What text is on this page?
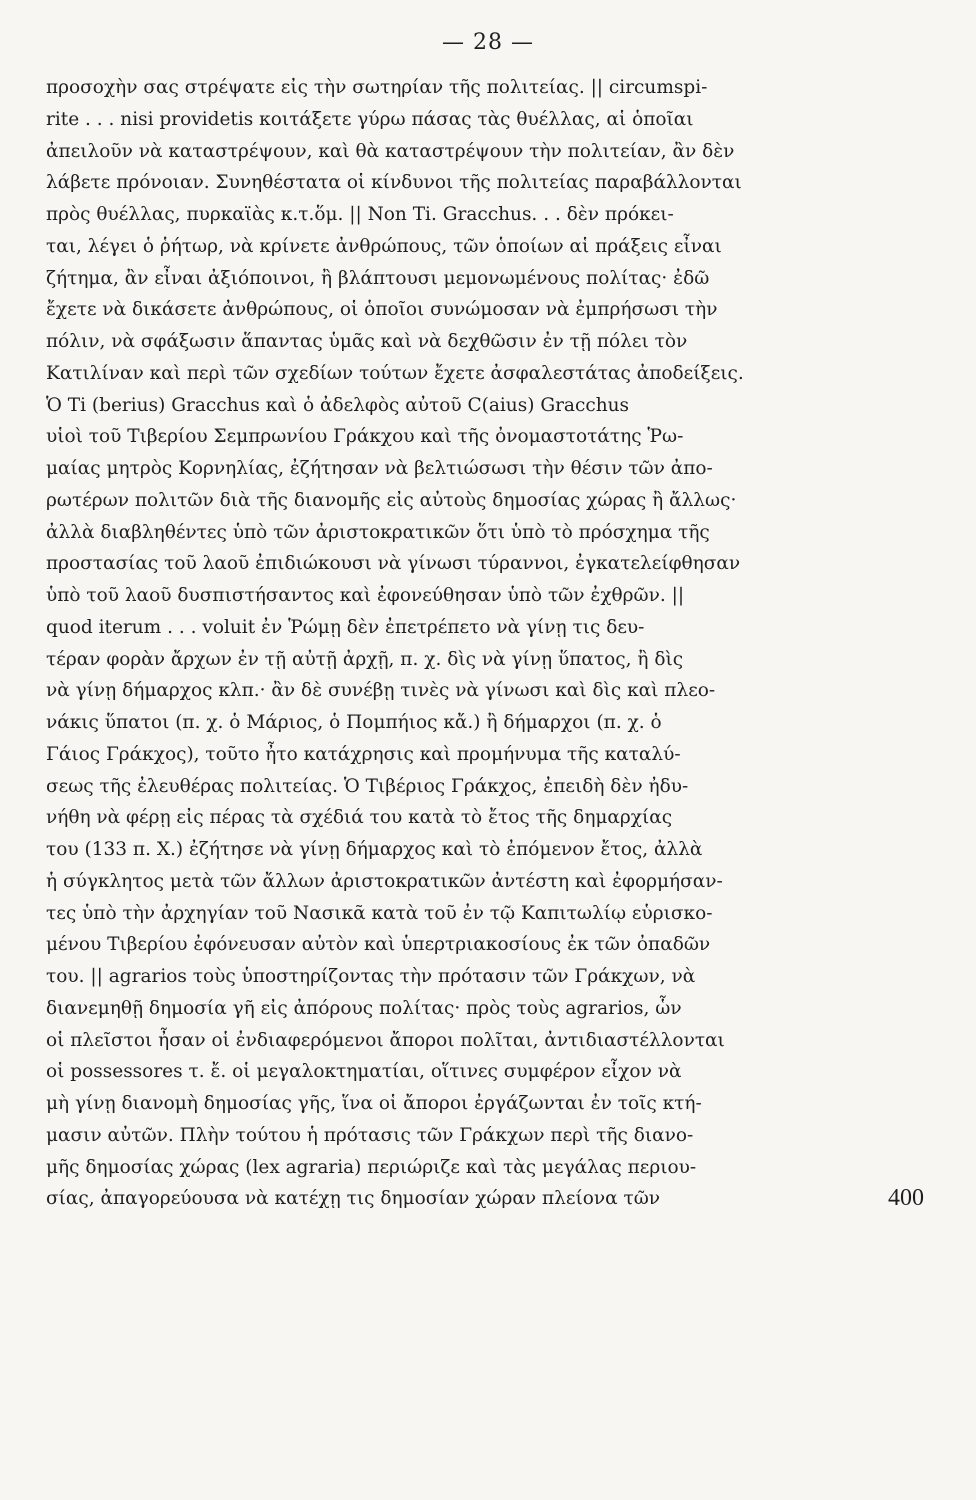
— 28 —
προσοχὴν σας στρέψατε εἰς τὴν σωτηρίαν τῆς πολιτείας. || circumspi-
rite . . . nisi providetis κοιτάξετε γύρω πάσας τὰς θυέλλας, αἱ ὁποῖαι
ἀπειλοῦν νὰ καταστρέψουν, καὶ θὰ καταστρέψουν τὴν πολιτείαν, ἂν δὲν
λάβετε πρόνοιαν. Συνηθέστατα οἱ κίνδυνοι τῆς πολιτείας παραβάλλονται
πρὸς θυέλλας, πυρκαϊὰς κ.τ.ὅμ. || Non Ti. Gracchus. . . δὲν πρόκει-
ται, λέγει ὁ ῥήτωρ, νὰ κρίνετε ἀνθρώπους, τῶν ὁποίων αἱ πράξεις εἶναι
ζήτημα, ἂν εἶναι ἀξιόποινοι, ἢ βλάπτουσι μεμονωμένους πολίτας· ἐδῶ
ἔχετε νὰ δικάσετε ἀνθρώπους, οἱ ὁποῖοι συνώμοσαν νὰ ἐμπρήσωσι τὴν
πόλιν, νὰ σφάξωσιν ἅπαντας ὑμᾶς καὶ νὰ δεχθῶσιν ἐν τῇ πόλει τὸν
Κατιλίναν καὶ περὶ τῶν σχεδίων τούτων ἔχετε ἀσφαλεστάτας ἀποδείξεις.
Ὁ Ti (berius) Gracchus καὶ ὁ ἀδελφὸς αὐτοῦ C(aius) Gracchus
υἱοὶ τοῦ Τιβερίου Σεμπρωνίου Γράκχου καὶ τῆς ὀνομαστοτάτης Ῥω-
μαίας μητρὸς Κορνηλίας, ἐζήτησαν νὰ βελτιώσωσι τὴν θέσιν τῶν ἀπο-
ρωτέρων πολιτῶν διὰ τῆς διανομῆς εἰς αὐτοὺς δημοσίας χώρας ἢ ἄλλως·
ἀλλὰ διαβληθέντες ὑπὸ τῶν ἀριστοκρατικῶν ὅτι ὑπὸ τὸ πρόσχημα τῆς
προστασίας τοῦ λαοῦ ἐπιδιώκουσι νὰ γίνωσι τύραννοι, ἐγκατελείφθησαν
ὑπὸ τοῦ λαοῦ δυσπιστήσαντος καὶ ἐφονεύθησαν ὑπὸ τῶν ἐχθρῶν. ||
quod iterum . . . voluit ἐν Ῥώμῃ δὲν ἐπετρέπετο νὰ γίνῃ τις δευ-
τέραν φορὰν ἄρχων ἐν τῇ αὐτῇ ἀρχῇ, π. χ. δὶς νὰ γίνῃ ὕπατος, ἢ δὶς
νὰ γίνῃ δήμαρχος κλπ.· ἂν δὲ συνέβῃ τινὲς νὰ γίνωσι καὶ δὶς καὶ πλεο-
νάκις ὕπατοι (π. χ. ὁ Μάριος, ὁ Πομπήιος κἄ.) ἢ δήμαρχοι (π. χ. ὁ
Γάιος Γράκχος), τοῦτο ἦτο κατάχρησις καὶ προμήνυμα τῆς καταλύ-
σεως τῆς ἐλευθέρας πολιτείας. Ὁ Τιβέριος Γράκχος, ἐπειδὴ δὲν ἠδυ-
νήθη νὰ φέρῃ εἰς πέρας τὰ σχέδιά του κατὰ τὸ ἔτος τῆς δημαρχίας
του (133 π. Χ.) ἐζήτησε νὰ γίνῃ δήμαρχος καὶ τὸ ἐπόμενον ἔτος, ἀλλὰ
ἡ σύγκλητος μετὰ τῶν ἄλλων ἀριστοκρατικῶν ἀντέστη καὶ ἐφορμήσαν-
τες ὑπὸ τὴν ἀρχηγίαν τοῦ Νασικᾶ κατὰ τοῦ ἐν τῷ Καπιτωλίῳ εὑρισκο-
μένου Τιβερίου ἐφόνευσαν αὐτὸν καὶ ὑπερτριακοσίους ἐκ τῶν ὀπαδῶν
του. || agrarios τοὺς ὑποστηρίζοντας τὴν πρότασιν τῶν Γράκχων, νὰ
διανεμηθῇ δημοσία γῆ εἰς ἀπόρους πολίτας· πρὸς τοὺς agrarios, ὧν
οἱ πλεῖστοι ἦσαν οἱ ἐνδιαφερόμενοι ἄποροι πολῖται, ἀντιδιαστέλλονται
οἱ possessores τ. ἔ. οἱ μεγαλοκτηματίαι, οἵτινες συμφέρον εἶχον νὰ
μὴ γίνῃ διανομὴ δημοσίας γῆς, ἵνα οἱ ἄποροι ἐργάζωνται ἐν τοῖς κτή-
μασιν αὐτῶν. Πλὴν τούτου ἡ πρότασις τῶν Γράκχων περὶ τῆς διανο-
μῆς δημοσίας χώρας (lex agraria) περιώριζε καὶ τὰς μεγάλας περιου-
σίας, ἀπαγορεύουσα νὰ κατέχῃ τις δημοσίαν χώραν πλείονα τῶν	400
